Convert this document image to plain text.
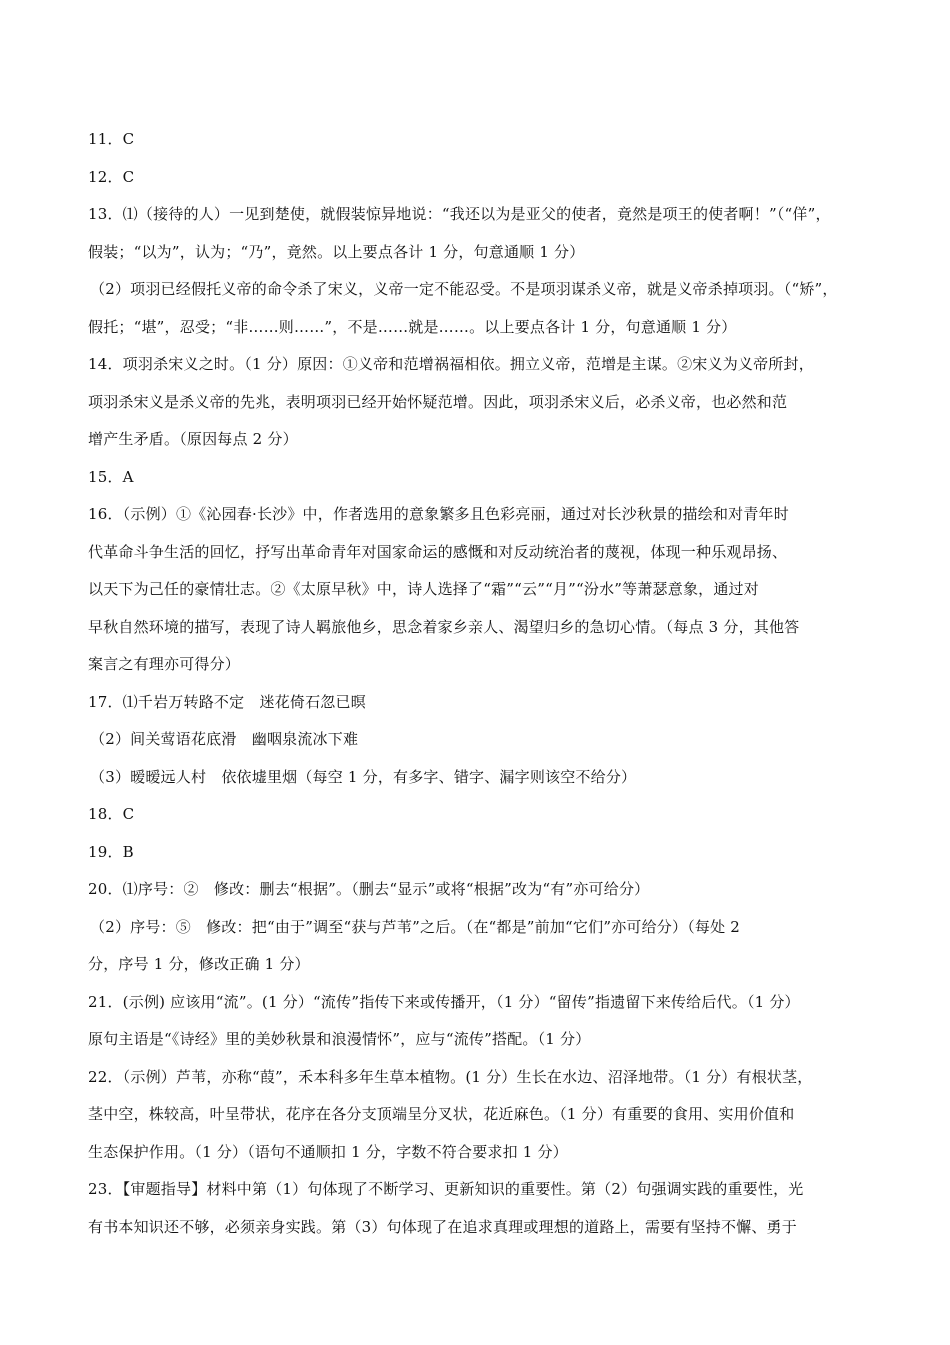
11．C
12．C
13．⑴（接待的人）一见到楚使，就假装惊异地说：“我还以为是亚父的使者，竟然是项王的使者啊！”（“佯”，
假装；“以为”，认为；“乃”，竟然。以上要点各计 1 分，句意通顺 1 分）
（2）项羽已经假托义帝的命令杀了宋义，义帝一定不能忍受。不是项羽谋杀义帝，就是义帝杀掉项羽。（“矫”，
假托；“堪”，忍受；“非……则……”，不是……就是……。以上要点各计 1 分，句意通顺 1 分）
14．项羽杀宋义之时。（1 分）原因：①义帝和范增祸福相依。拥立义帝，范增是主谋。②宋义为义帝所封，
项羽杀宋义是杀义帝的先兆，表明项羽已经开始怀疑范增。因此，项羽杀宋义后，必杀义帝，也必然和范
增产生矛盾。（原因每点 2 分）
15．A
16．（示例）①《沁园春·长沙》中，作者选用的意象繁多且色彩亮丽，通过对长沙秋景的描绘和对青年时
代革命斗争生活的回忆，抒写出革命青年对国家命运的感慨和对反动统治者的蔑视，体现一种乐观昂扬、
以天下为己任的豪情壮志。②《太原早秋》中，诗人选择了“霜”“云”“月”“汾水”等萧瑟意象，通过对
早秋自然环境的描写，表现了诗人羁旅他乡，思念着家乡亲人、渴望归乡的急切心情。（每点 3 分，其他答
案言之有理亦可得分）
17．⑴千岩万转路不定　迷花倚石忽已暝
（2）间关莺语花底滑　幽咽泉流冰下难
（3）暧暧远人村　依依墟里烟（每空 1 分，有多字、错字、漏字则该空不给分）
18．C
19．B
20．⑴序号：②　修改：删去“根据”。（删去“显示”或将“根据”改为“有”亦可给分）
（2）序号：⑤　修改：把“由于”调至“获与芦苇”之后。（在“都是”前加“它们”亦可给分）（每处 2
分，序号 1 分，修改正确 1 分）
21．(示例) 应该用“流”。(1 分）“流传”指传下来或传播开，（1 分）“留传”指遗留下来传给后代。（1 分）
原句主语是“《诗经》里的美妙秋景和浪漫情怀”，应与“流传”搭配。（1 分）
22．（示例）芦苇，亦称“葭”，禾本科多年生草本植物。(1 分）生长在水边、沼泽地带。（1 分）有根状茎，
茎中空，株较高，叶呈带状，花序在各分支顶端呈分叉状，花近麻色。（1 分）有重要的食用、实用价值和
生态保护作用。（1 分）（语句不通顺扣 1 分，字数不符合要求扣 1 分）
23．【审题指导】材料中第（1）句体现了不断学习、更新知识的重要性。第（2）句强调实践的重要性，光
有书本知识还不够，必须亲身实践。第（3）句体现了在追求真理或理想的道路上，需要有坚持不懈、勇于
